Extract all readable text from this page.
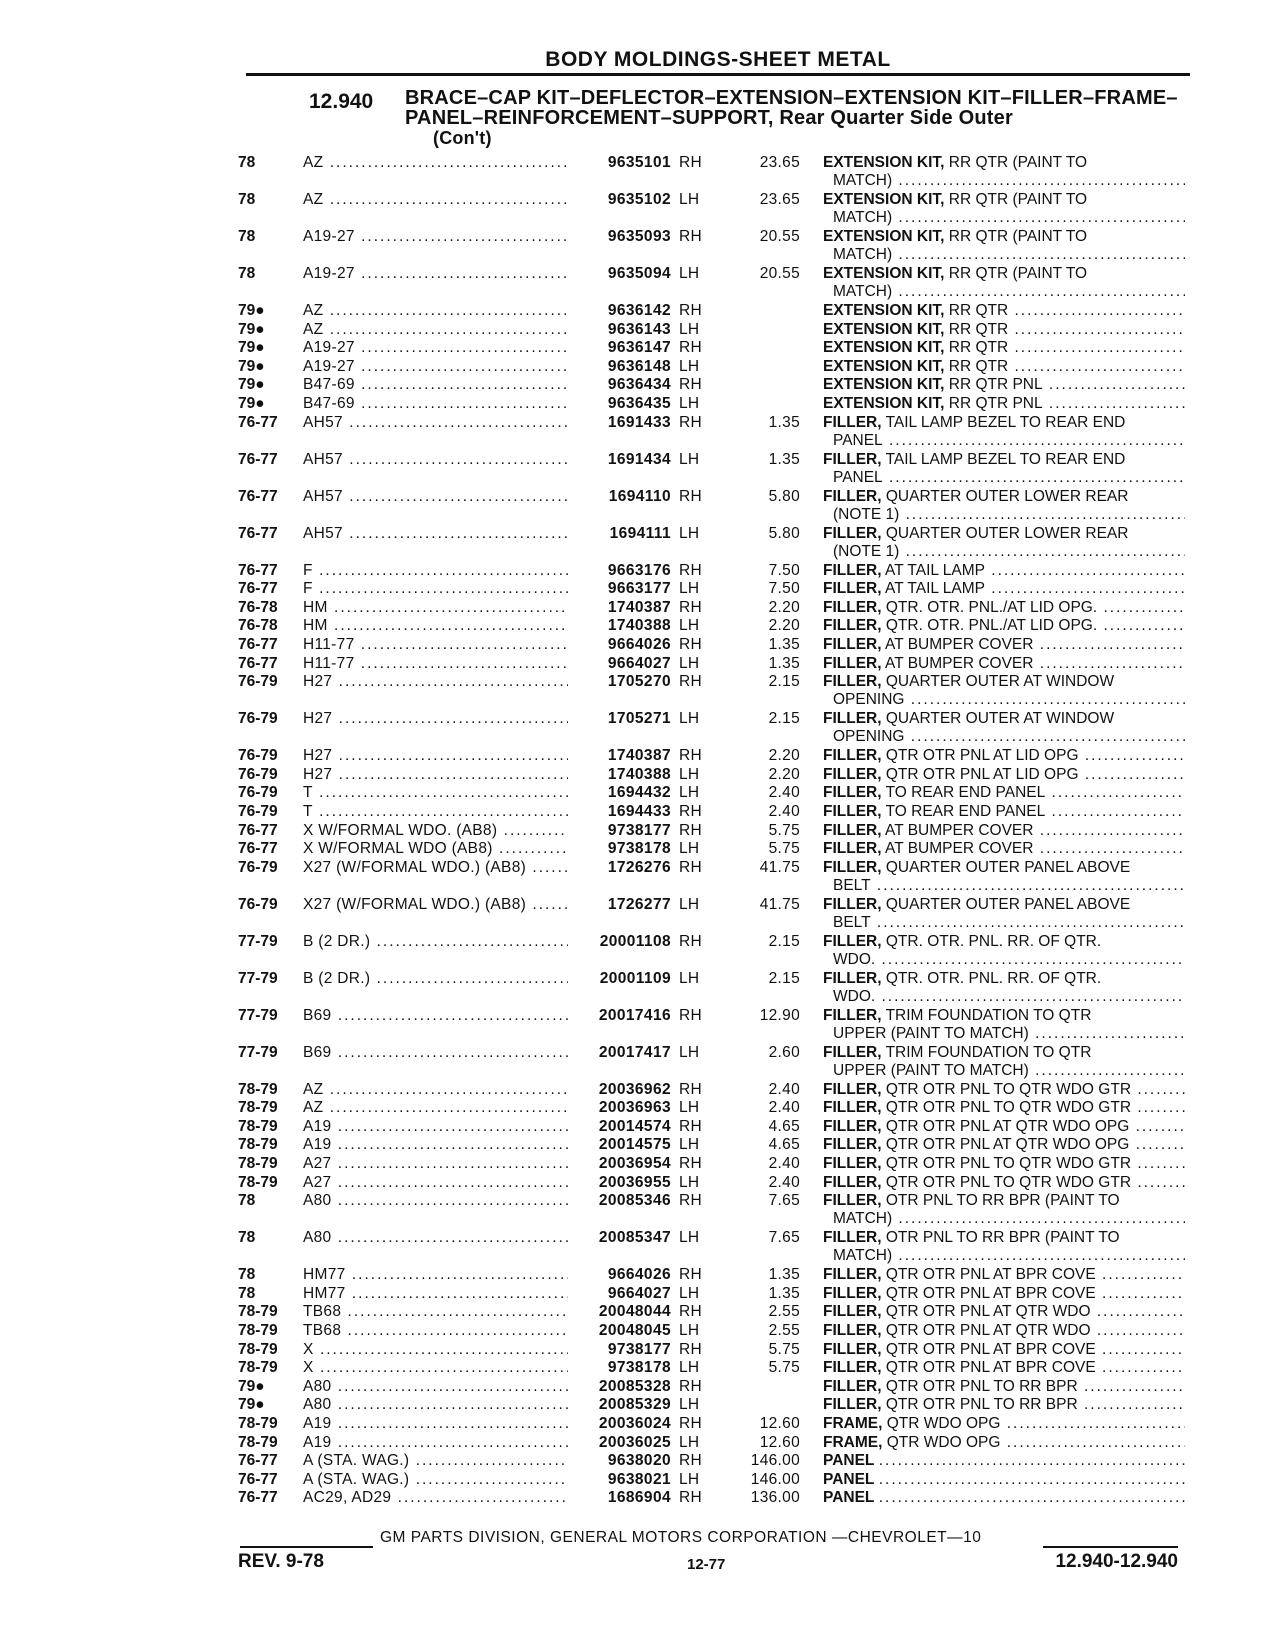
BODY MOLDINGS-SHEET METAL
12.940 BRACE–CAP KIT–DEFLECTOR–EXTENSION–EXTENSION KIT–FILLER–FRAME–PANEL–REINFORCEMENT–SUPPORT, Rear Quarter Side Outer
(Con't)
78	AZ .....	9635101 RH	23.65 EXTENSION KIT, RR QTR (PAINT TO
MATCH) .....
78	AZ .....	9635102 LH	23.65 EXTENSION KIT, RR QTR (PAINT TO
MATCH) .....
78	A19-27 .....	9635093 RH	20.55 EXTENSION KIT, RR QTR (PAINT TO
MATCH) .....
78	A19-27 .....	9635094 LH	20.55 EXTENSION KIT, RR QTR (PAINT TO
MATCH) .....
79● AZ .....	9636142 RH	EXTENSION KIT, RR QTR .....
79● AZ .....	9636143 LH	EXTENSION KIT, RR QTR .....
79● A19-27 .....	9636147 RH	EXTENSION KIT, RR QTR .....
79● A19-27 .....	9636148 LH	EXTENSION KIT, RR QTR .....
79● B47-69 .....	9636434 RH	EXTENSION KIT, RR QTR PNL .....
79● B47-69 .....	9636435 LH	EXTENSION KIT, RR QTR PNL .....
76-77 AH57 .....	1691433 RH	1.35 FILLER, TAIL LAMP BEZEL TO REAR END
PANEL .....
76-77 AH57 .....	1691434 LH	1.35 FILLER, TAIL LAMP BEZEL TO REAR END
PANEL .....
76-77 AH57 .....	1694110 RH	5.80 FILLER, QUARTER OUTER LOWER REAR
(NOTE 1) .....
76-77 AH57 .....	1694111 LH	5.80 FILLER, QUARTER OUTER LOWER REAR
(NOTE 1) .....
76-77 F .....	9663176 RH	7.50 FILLER, AT TAIL LAMP .....
76-77 F .....	9663177 LH	7.50 FILLER, AT TAIL LAMP .....
76-78 HM .....	1740387 RH	2.20 FILLER, QTR. OTR. PNL./AT LID OPG. .....
76-78 HM .....	1740388 LH	2.20 FILLER, QTR. OTR. PNL./AT LID OPG. .....
76-77 H11-77 .....	9664026 RH	1.35 FILLER, AT BUMPER COVER .....
76-77 H11-77 .....	9664027 LH	1.35 FILLER, AT BUMPER COVER .....
76-79 H27 .....	1705270 RH	2.15 FILLER, QUARTER OUTER AT WINDOW
OPENING .....
76-79 H27 .....	1705271 LH	2.15 FILLER, QUARTER OUTER AT WINDOW
OPENING .....
76-79 H27 .....	1740387 RH	2.20 FILLER, QTR OTR PNL AT LID OPG .....
76-79 H27 .....	1740388 LH	2.20 FILLER, QTR OTR PNL AT LID OPG .....
76-79 T .....	1694432 LH	2.40 FILLER, TO REAR END PANEL .....
76-79 T .....	1694433 RH	2.40 FILLER, TO REAR END PANEL .....
76-77 X W/FORMAL WDO. (AB8) .....	9738177 RH	5.75 FILLER, AT BUMPER COVER .....
76-77 X W/FORMAL WDO (AB8) .....	9738178 LH	5.75 FILLER, AT BUMPER COVER .....
76-79 X27 (W/FORMAL WDO.) (AB8) .....	1726276 RH	41.75 FILLER, QUARTER OUTER PANEL ABOVE
BELT .....
76-79 X27 (W/FORMAL WDO.) (AB8) .....	1726277 LH	41.75 FILLER, QUARTER OUTER PANEL ABOVE
BELT .....
77-79 B (2 DR.) .....	20001108 RH	2.15 FILLER, QTR. OTR. PNL. RR. OF QTR.
WDO. .....
77-79 B (2 DR.) .....	20001109 LH	2.15 FILLER, QTR. OTR. PNL. RR. OF QTR.
WDO. .....
77-79 B69 .....	20017416 RH	12.90 FILLER, TRIM FOUNDATION TO QTR
UPPER (PAINT TO MATCH) .....
77-79 B69 .....	20017417 LH	2.60 FILLER, TRIM FOUNDATION TO QTR
UPPER (PAINT TO MATCH) .....
78-79 AZ .....	20036962 RH	2.40 FILLER, QTR OTR PNL TO QTR WDO GTR .....
78-79 AZ .....	20036963 LH	2.40 FILLER, QTR OTR PNL TO QTR WDO GTR .....
78-79 A19 .....	20014574 RH	4.65 FILLER, QTR OTR PNL AT QTR WDO OPG .....
78-79 A19 .....	20014575 LH	4.65 FILLER, QTR OTR PNL AT QTR WDO OPG .....
78-79 A27 .....	20036954 RH	2.40 FILLER, QTR OTR PNL TO QTR WDO GTR .....
78-79 A27 .....	20036955 LH	2.40 FILLER, QTR OTR PNL TO QTR WDO GTR .....
78	A80 .....	20085346 RH	7.65 FILLER, OTR PNL TO RR BPR (PAINT TO
MATCH) .....
78	A80 .....	20085347 LH	7.65 FILLER, OTR PNL TO RR BPR (PAINT TO
MATCH) .....
78	HM77 .....	9664026 RH	1.35 FILLER, QTR OTR PNL AT BPR COVE .....
78	HM77 .....	9664027 LH	1.35 FILLER, QTR OTR PNL AT BPR COVE .....
78-79 TB68 .....	20048044 RH	2.55 FILLER, QTR OTR PNL AT QTR WDO .....
78-79 TB68 .....	20048045 LH	2.55 FILLER, QTR OTR PNL AT QTR WDO .....
78-79 X .....	9738177 RH	5.75 FILLER, QTR OTR PNL AT BPR COVE .....
78-79 X .....	9738178 LH	5.75 FILLER, QTR OTR PNL AT BPR COVE .....
79● A80 .....	20085328 RH	FILLER, QTR OTR PNL TO RR BPR .....
79● A80 .....	20085329 LH	FILLER, QTR OTR PNL TO RR BPR .....
78-79 A19 .....	20036024 RH	12.60 FRAME, QTR WDO OPG .....
78-79 A19 .....	20036025 LH	12.60 FRAME, QTR WDO OPG .....
76-77 A (STA. WAG.) .....	9638020 RH	146.00 PANEL .....
76-77 A (STA. WAG.) .....	9638021 LH	146.00 PANEL .....
76-77 AC29, AD29 .....	1686904 RH	136.00 PANEL .....
GM PARTS DIVISION, GENERAL MOTORS CORPORATION —CHEVROLET—10
REV. 9-78	12-77	12.940-12.940
